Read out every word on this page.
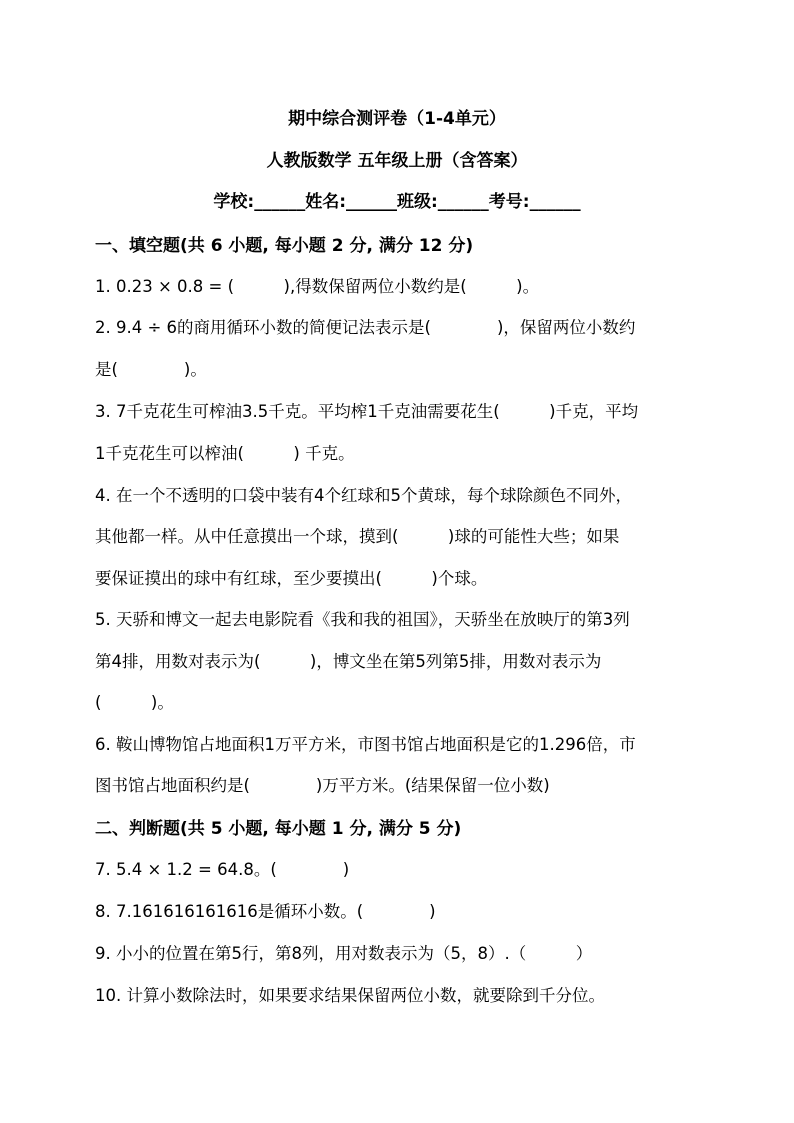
期中综合测评卷（1-4单元）
人教版数学 五年级上册（含答案）
学校:______姓名:______班级:______考号:______
一、填空题(共 6 小题, 每小题 2 分, 满分 12 分)
1. 0.23 × 0.8 = (　　　),得数保留两位小数约是(　　　)。
2. 9.4 ÷ 6的商用循环小数的简便记法表示是(　　　　)，保留两位小数约
是(　　　　)。
3. 7千克花生可榨油3.5千克。平均榨1千克油需要花生(　　　)千克，平均
1千克花生可以榨油(　　　) 千克。
4. 在一个不透明的口袋中装有4个红球和5个黄球，每个球除颜色不同外，
其他都一样。从中任意摸出一个球，摸到(　　　)球的可能性大些；如果
要保证摸出的球中有红球，至少要摸出(　　　)个球。
5. 天骄和博文一起去电影院看《我和我的祖国》，天骄坐在放映厅的第3列
第4排，用数对表示为(　　　)，博文坐在第5列第5排，用数对表示为
(　　　)。
6. 鞍山博物馆占地面积1万平方米，市图书馆占地面积是它的1.296倍，市
图书馆占地面积约是(　　　　)万平方米。(结果保留一位小数)
二、判断题(共 5 小题, 每小题 1 分, 满分 5 分)
7. 5.4 × 1.2 = 64.8。(　　　　)
8. 7.161616161616是循环小数。(　　　　)
9. 小小的位置在第5行，第8列，用对数表示为（5，8）.（　　　）
10. 计算小数除法时，如果要求结果保留两位小数，就要除到千分位。
